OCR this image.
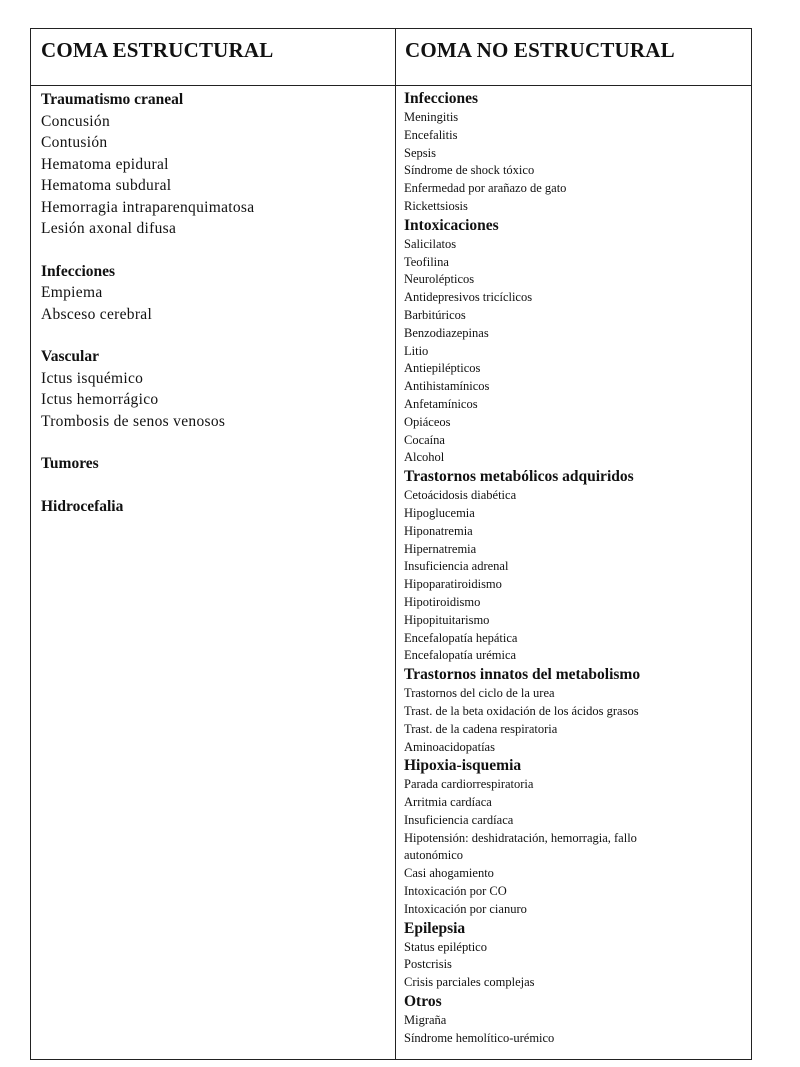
COMA ESTRUCTURAL	COMA NO ESTRUCTURAL
Traumatismo craneal
Concusión
Contusión
Hematoma epidural
Hematoma subdural
Hemorragia intraparenquimatosa
Lesión axonal difusa
Infecciones
Empiema
Absceso cerebral
Vascular
Ictus isquémico
Ictus hemorrágico
Trombosis de senos venosos
Tumores
Hidrocefalia
Infecciones
Meningitis
Encefalitis
Sepsis
Síndrome de shock tóxico
Enfermedad por arañazo de gato
Rickettsiosis
Intoxicaciones
Salicilatos
Teofilina
Neurolépticos
Antidepresivos tricíclicos
Barbitúricos
Benzodiazepinas
Litio
Antiepilépticos
Antihistamínicos
Anfetamínicos
Opiáceos
Cocaína
Alcohol
Trastornos metabólicos adquiridos
Cetoácidosis diabética
Hipoglucemia
Hiponatremia
Hipernatremia
Insuficiencia adrenal
Hipoparatiroidismo
Hipotiroidismo
Hipopituitarismo
Encefalopatía hepática
Encefalopatía urémica
Trastornos innatos del metabolismo
Trastornos del ciclo de la urea
Trast. de la beta oxidación de los ácidos grasos
Trast. de la cadena respiratoria
Aminoacidopatías
Hipoxia-isquemia
Parada cardiorrespiratoria
Arritmia cardíaca
Insuficiencia cardíaca
Hipotensión: deshidratación, hemorragia, fallo
autonómico
Casi ahogamiento
Intoxicación por CO
Intoxicación por cianuro
Epilepsia
Status epiléptico
Postcrisis
Crisis parciales complejas
Otros
Migraña
Síndrome hemolítico-urémico
